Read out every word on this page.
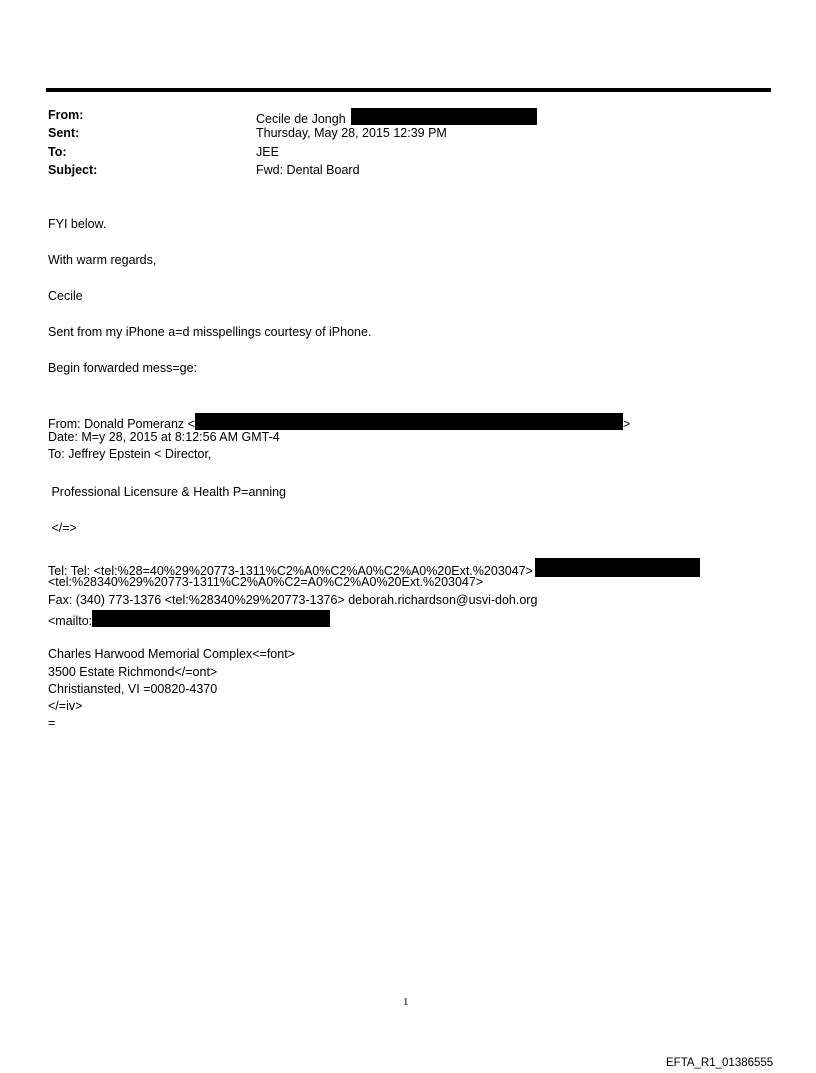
From:	Cecile de Jongh
Sent:	Thursday, May 28, 2015 12:39 PM
To:	JEE
Subject:	Fwd: Dental Board
FYI below.
With warm regards,
Cecile
Sent from my iPhone a=d misspellings courtesy of iPhone.
Begin forwarded mess=ge:
From: Donald Pomeranz <	>
Date: M=y 28, 2015 at 8:12:56 AM GMT-4
To: Jeffrey Epstein < Director,
Professional Licensure & Health P=anning
</=>
Tel: Tel: <tel:%28=40%29%20773-1311%C2%A0%C2%A0%C2%A0%20Ext.%203047>
<tel:%28340%29%20773-1311%C2%A0%C2=A0%C2%A0%20Ext.%203047>
Fax: (340) 773-1376 <tel:%28340%29%20773-1376> deborah.richardson@usvi-doh.org
<mailto:
Charles Harwood Memorial Complex<=font>
3500 Estate Richmond</=ont>
Christiansted, VI =00820-4370
</=iv>
=
1
EFTA_R1_01386555
